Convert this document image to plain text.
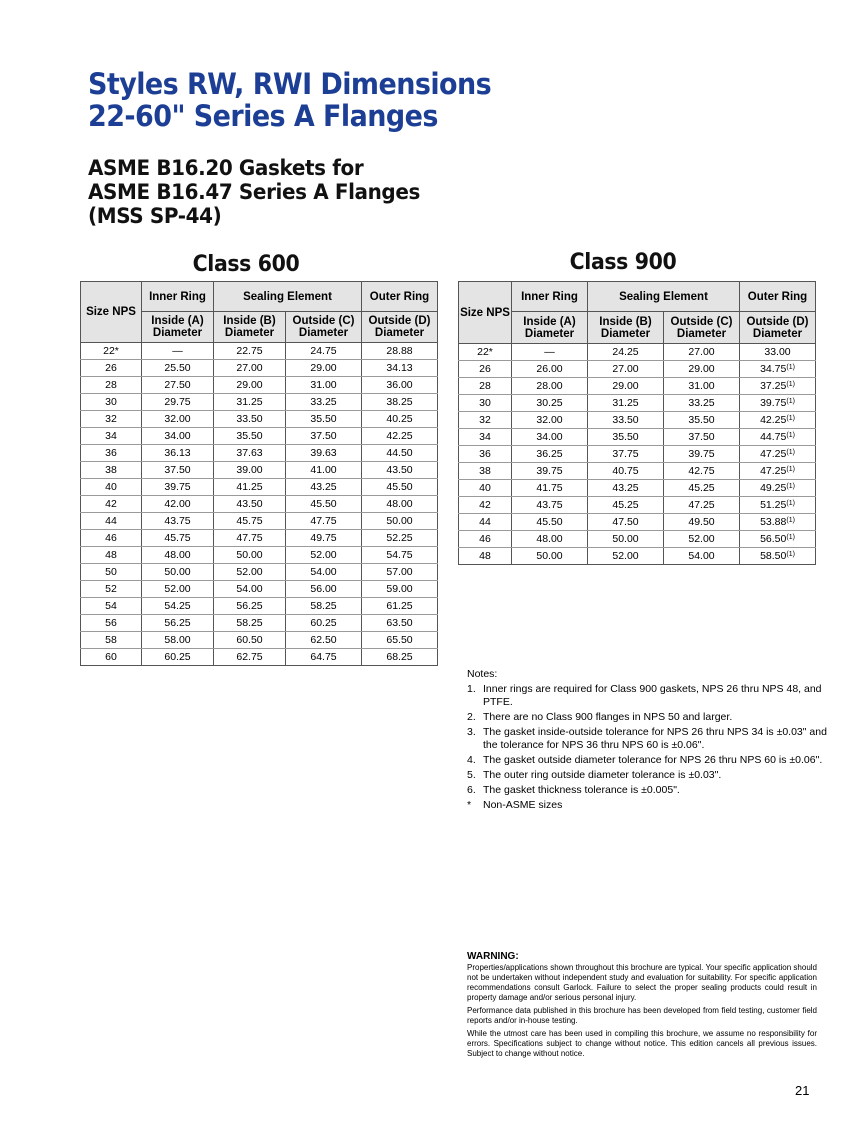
Styles RW, RWI Dimensions
22-60" Series A Flanges
ASME B16.20 Gaskets for
ASME B16.47 Series A Flanges
(MSS SP-44)
Class 600	Class 900
Size NPS	Inner Ring	Sealing Element		Outer Ring
	Inside (A) Diameter	Inside (B) Diameter	Outside (C) Diameter	Outside (D) Diameter
22*	—	22.75	24.75	28.88
26	25.50	27.00	29.00	34.13
28	27.50	29.00	31.00	36.00
30	29.75	31.25	33.25	38.25
32	32.00	33.50	35.50	40.25
34	34.00	35.50	37.50	42.25
36	36.13	37.63	39.63	44.50
38	37.50	39.00	41.00	43.50
40	39.75	41.25	43.25	45.50
42	42.00	43.50	45.50	48.00
44	43.75	45.75	47.75	50.00
46	45.75	47.75	49.75	52.25
48	48.00	50.00	52.00	54.75
50	50.00	52.00	54.00	57.00
52	52.00	54.00	56.00	59.00
54	54.25	56.25	58.25	61.25
56	56.25	58.25	60.25	63.50
58	58.00	60.50	62.50	65.50
60	60.25	62.75	64.75	68.25
Size NPS	Inner Ring	Sealing Element		Outer Ring
	Inside (A) Diameter	Inside (B) Diameter	Outside (C) Diameter	Outside (D) Diameter
22*	—	24.25	27.00	33.00
26	26.00	27.00	29.00	34.75$^{(1)}$
28	28.00	29.00	31.00	37.25$^{(1)}$
30	30.25	31.25	33.25	39.75$^{(1)}$
32	32.00	33.50	35.50	42.25$^{(1)}$
34	34.00	35.50	37.50	44.75$^{(1)}$
36	36.25	37.75	39.75	47.25$^{(1)}$
38	39.75	40.75	42.75	47.25$^{(1)}$
40	41.75	43.25	45.25	49.25$^{(1)}$
42	43.75	45.25	47.25	51.25$^{(1)}$
44	45.50	47.50	49.50	53.88$^{(1)}$
46	48.00	50.00	52.00	56.50$^{(1)}$
48	50.00	52.00	54.00	58.50$^{(1)}$

Notes:

1. Inner rings are required for Class 900 gaskets, NPS 26 thru NPS 48, and PTFE.
2. There are no Class 900 flanges in NPS 50 and larger.
3. The gasket inside-outside tolerance for NPS 26 thru NPS 34 is ±0.03" and the tolerance for NPS 36 thru NPS 60 is ±0.06".
4. The gasket outside diameter tolerance for NPS 26 thru NPS 60 is ±0.06".
5. The outer ring outside diameter tolerance is ±0.03".
6. The gasket thickness tolerance is ±0.005".
*	Non-ASME sizes
WARNING:

Properties/applications shown throughout this brochure are typical. Your specific application should not be undertaken without independent study and evaluation for suitability. For specific application recommendations consult Garlock. Failure to select the proper sealing products could result in property damage and/or serious personal injury.

Performance data published in this brochure has been developed from field testing, customer field reports and/or in-house testing.

While the utmost care has been used in compiling this brochure, we assume no responsibility for errors. Specifications subject to change without notice. This edition cancels all previous issues. Subject to change without notice.

21
